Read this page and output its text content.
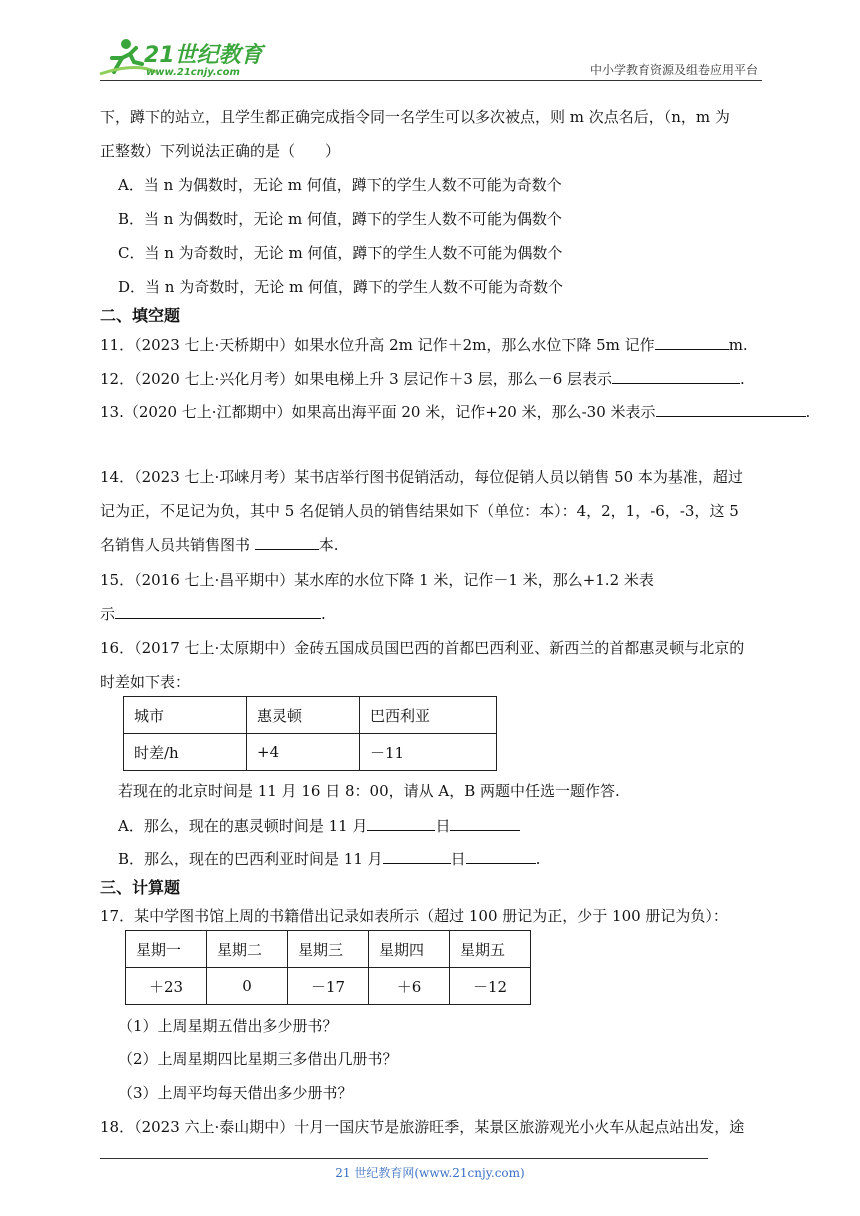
21世纪教育
www.21cnjy.com	中小学教育资源及组卷应用平台
下，蹲下的站立，且学生都正确完成指令同一名学生可以多次被点，则 m 次点名后，（n，m 为
正整数）下列说法正确的是（　　）
A．当 n 为偶数时，无论 m 何值，蹲下的学生人数不可能为奇数个
B．当 n 为偶数时，无论 m 何值，蹲下的学生人数不可能为偶数个
C．当 n 为奇数时，无论 m 何值，蹲下的学生人数不可能为偶数个
D．当 n 为奇数时，无论 m 何值，蹲下的学生人数不可能为奇数个
二、填空题
11．（2023 七上·天桥期中）如果水位升高 2m 记作＋2m，那么水位下降 5m 记作	m.
12．（2020 七上·兴化月考）如果电梯上升 3 层记作＋3 层，那么－6 层表示	.
13.（2020 七上·江都期中）如果高出海平面 20 米，记作+20 米，那么-30 米表示	.
14．（2023 七上·邛崃月考）某书店举行图书促销活动，每位促销人员以销售 50 本为基准，超过
记为正，不足记为负，其中 5 名促销人员的销售结果如下（单位：本）：4，2，1，-6，-3，这 5
名销售人员共销售图书	本.
15．（2016 七上·昌平期中）某水库的水位下降 1 米，记作－1 米，那么+1.2 米表
示	.
16．（2017 七上·太原期中）金砖五国成员国巴西的首都巴西利亚、新西兰的首都惠灵顿与北京的
时差如下表：
城市	惠灵顿	巴西利亚
时差/h	+4	－11
若现在的北京时间是 11 月 16 日 8：00，请从 A，B 两题中任选一题作答.
A．那么，现在的惠灵顿时间是 11 月	日
B．那么，现在的巴西利亚时间是 11 月	日	.
三、计算题
17．某中学图书馆上周的书籍借出记录如表所示（超过 100 册记为正，少于 100 册记为负）：
星期一	星期二	星期三	星期四	星期五
＋23	0	－17	＋6	－12
（1）上周星期五借出多少册书？
（2）上周星期四比星期三多借出几册书？
（3）上周平均每天借出多少册书？
18．（2023 六上·泰山期中）十月一国庆节是旅游旺季，某景区旅游观光小火车从起点站出发，途
21 世纪教育网(www.21cnjy.com)
